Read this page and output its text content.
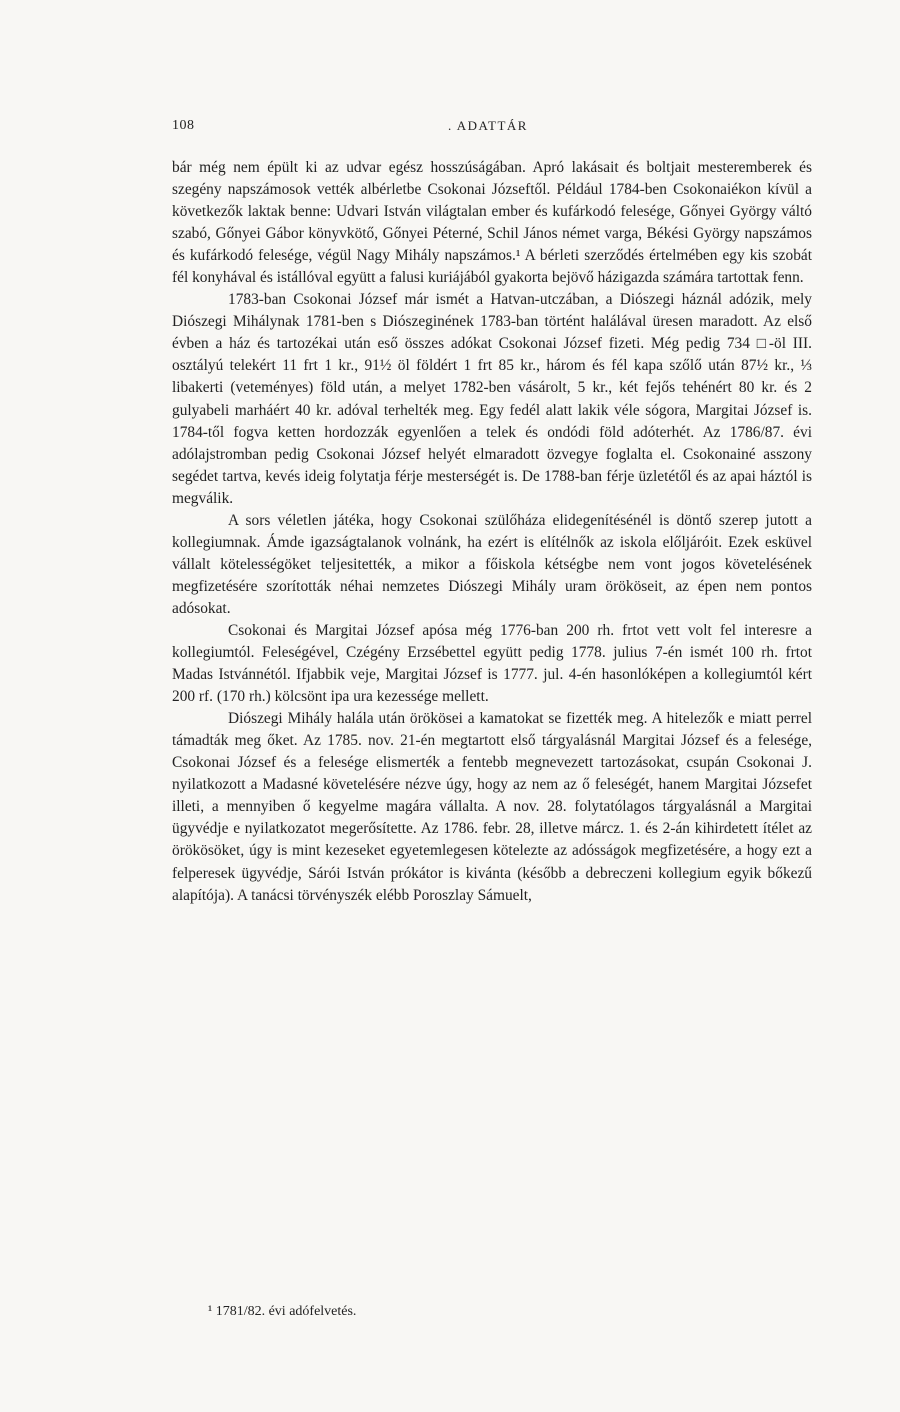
108	. ADATTÁR

bár még nem épült ki az udvar egész hosszúságában. Apró lakásait és boltjait mesteremberek és szegény napszámosok vették albérletbe Csokonai Józseftől. Például 1784-ben Csokonaiékon kívül a következők laktak benne: Udvari István világtalan ember és kufárkodó felesége, Gőnyei György váltó szabó, Gőnyei Gábor könyvkötő, Gőnyei Péterné, Schil János német varga, Békési György napszámos és kufárkodó felesége, végül Nagy Mihály napszámos.¹ A bérleti szerződés értelmében egy kis szobát fél konyhával és istállóval együtt a falusi kuriájából gyakorta bejövő házigazda számára tartottak fenn.

1783-ban Csokonai József már ismét a Hatvan-utczában, a Diószegi háznál adózik, mely Diószegi Mihálynak 1781-ben s Diószeginének 1783-ban történt halálával üresen maradott. Az első évben a ház és tartozékai után eső összes adókat Csokonai József fizeti. Még pedig 734 □-öl III. osztályú telekért 11 frt 1 kr., 91½ öl földért 1 frt 85 kr., három és fél kapa szőlő után 87½ kr., ⅓ libakerti (veteményes) föld után, a melyet 1782-ben vásárolt, 5 kr., két fejős tehénért 80 kr. és 2 gulyabeli marháért 40 kr. adóval terhelték meg. Egy fedél alatt lakik véle sógora, Margitai József is. 1784-től fogva ketten hordozzák egyenlően a telek és ondódi föld adóterhét. Az 1786/87. évi adólajstromban pedig Csokonai József helyét elmaradott özvegye foglalta el. Csokonainé asszony segédet tartva, kevés ideig folytatja férje mesterségét is. De 1788-ban férje üzletétől és az apai háztól is megválik.

A sors véletlen játéka, hogy Csokonai szülőháza elidegenítésénél is döntő szerep jutott a kollegiumnak. Ámde igazságtalanok volnánk, ha ezért is elítélnők az iskola előljáróit. Ezek esküvel vállalt kötelességöket teljesitették, a mikor a főiskola kétségbe nem vont jogos követelésének megfizetésére szorították néhai nemzetes Diószegi Mihály uram örököseit, az épen nem pontos adósokat.

Csokonai és Margitai József apósa még 1776-ban 200 rh. frtot vett volt fel interesre a kollegiumtól. Feleségével, Czégény Erzsébettel együtt pedig 1778. julius 7-én ismét 100 rh. frtot Madas Istvánnétól. Ifjabbik veje, Margitai József is 1777. jul. 4-én hasonlóképen a kollegiumtól kért 200 rf. (170 rh.) kölcsönt ipa ura kezessége mellett.

Diószegi Mihály halála után örökösei a kamatokat se fizették meg. A hitelezők e miatt perrel támadták meg őket. Az 1785. nov. 21-én megtartott első tárgyalásnál Margitai József és a felesége, Csokonai József és a felesége elismerték a fentebb megnevezett tartozásokat, csupán Csokonai J. nyilatkozott a Madasné követelésére nézve úgy, hogy az nem az ő feleségét, hanem Margitai Józsefet illeti, a mennyiben ő kegyelme magára vállalta. A nov. 28. folytatólagos tárgyalásnál a Margitai ügyvédje e nyilatkozatot megerősítette. Az 1786. febr. 28, illetve márcz. 1. és 2-án kihirdetett ítélet az örökösöket, úgy is mint kezeseket egyetemlegesen kötelezte az adósságok megfizetésére, a hogy ezt a felperesek ügyvédje, Sárói István prókátor is kivánta (később a debreczeni kollegium egyik bőkezű alapítója). A tanácsi törvényszék elébb Poroszlay Sámuelt,

¹ 1781/82. évi adófelvetés.
